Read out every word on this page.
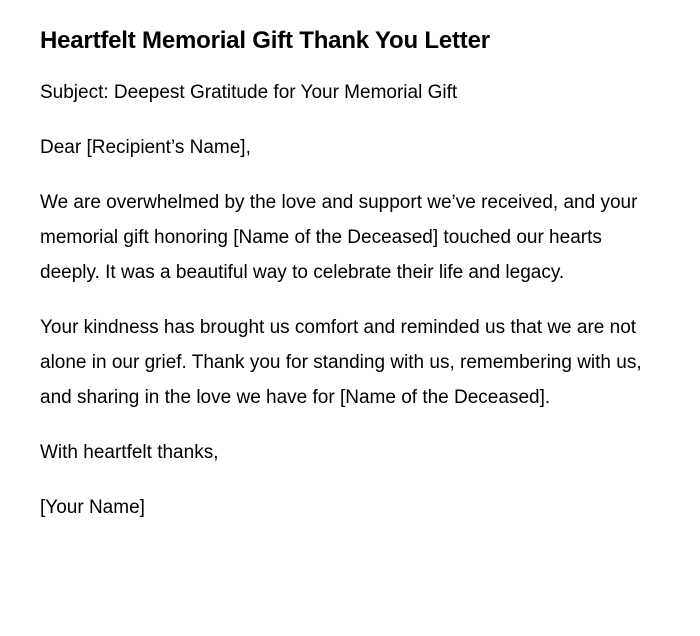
Heartfelt Memorial Gift Thank You Letter

Subject: Deepest Gratitude for Your Memorial Gift

Dear [Recipient’s Name],

We are overwhelmed by the love and support we’ve received, and your memorial gift honoring [Name of the Deceased] touched our hearts deeply. It was a beautiful way to celebrate their life and legacy.

Your kindness has brought us comfort and reminded us that we are not alone in our grief. Thank you for standing with us, remembering with us, and sharing in the love we have for [Name of the Deceased].

With heartfelt thanks,

[Your Name]
